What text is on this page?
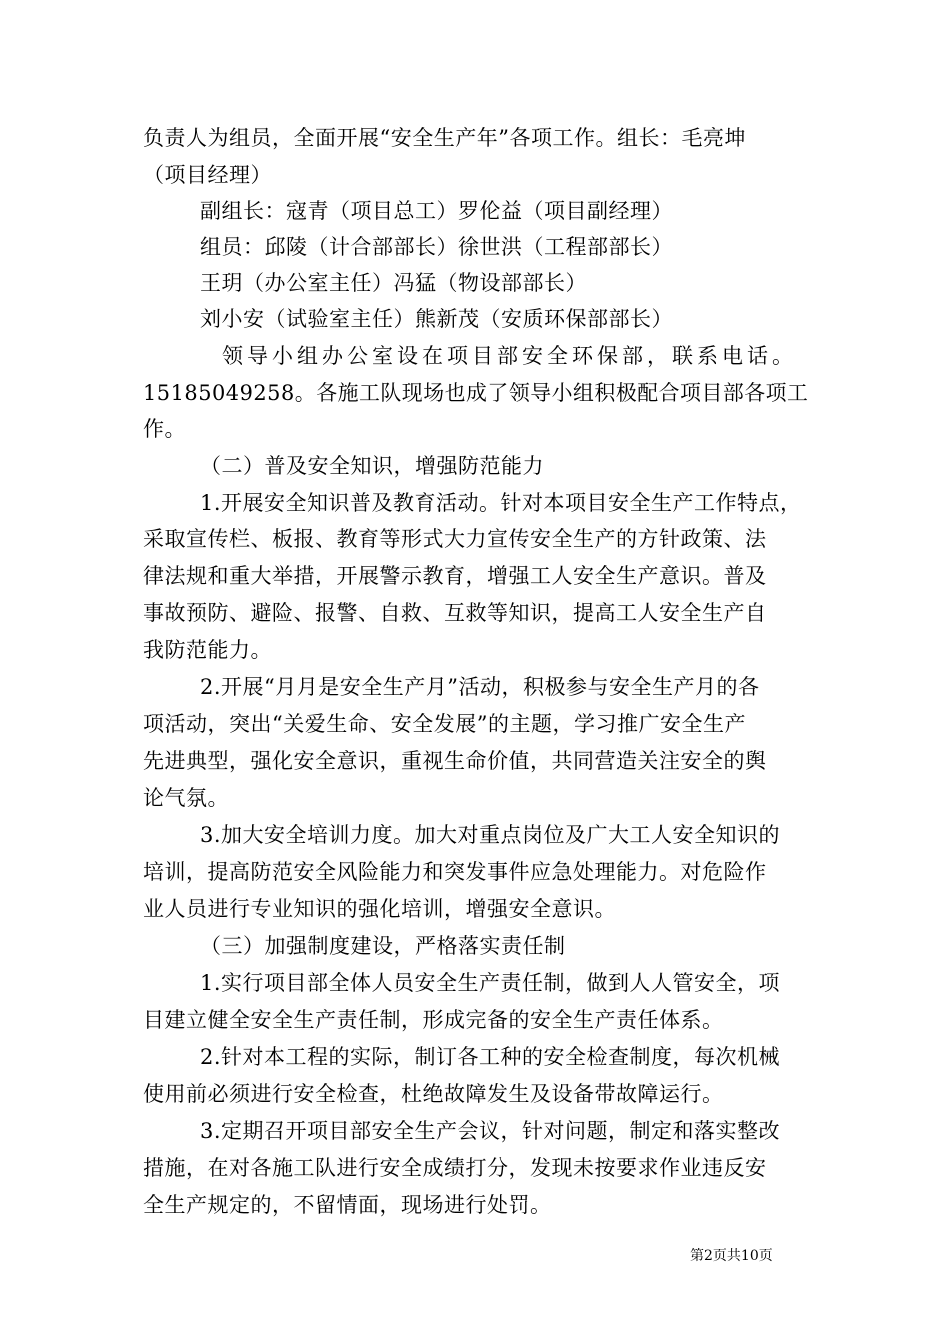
负责人为组员，全面开展“安全生产年”各项工作。组长：毛亮坤
（项目经理）
副组长：寇青（项目总工）罗伦益（项目副经理）
组员：邱陵（计合部部长）徐世洪（工程部部长）
王玥（办公室主任）冯猛（物设部部长）
刘小安（试验室主任）熊新茂（安质环保部部长）
领导小组办公室设在项目部安全环保部，联系电话。
15185049258。各施工队现场也成了领导小组积极配合项目部各项工
作。
（二）普及安全知识，增强防范能力
1.开展安全知识普及教育活动。针对本项目安全生产工作特点，
采取宣传栏、板报、教育等形式大力宣传安全生产的方针政策、法
律法规和重大举措，开展警示教育，增强工人安全生产意识。普及
事故预防、避险、报警、自救、互救等知识，提高工人安全生产自
我防范能力。
2.开展“月月是安全生产月”活动，积极参与安全生产月的各
项活动，突出“关爱生命、安全发展”的主题，学习推广安全生产
先进典型，强化安全意识，重视生命价值，共同营造关注安全的舆
论气氛。
3.加大安全培训力度。加大对重点岗位及广大工人安全知识的
培训，提高防范安全风险能力和突发事件应急处理能力。对危险作
业人员进行专业知识的强化培训，增强安全意识。
（三）加强制度建设，严格落实责任制
1.实行项目部全体人员安全生产责任制，做到人人管安全，项
目建立健全安全生产责任制，形成完备的安全生产责任体系。
2.针对本工程的实际，制订各工种的安全检查制度，每次机械
使用前必须进行安全检查，杜绝故障发生及设备带故障运行。
3.定期召开项目部安全生产会议，针对问题，制定和落实整改
措施，在对各施工队进行安全成绩打分，发现未按要求作业违反安
全生产规定的，不留情面，现场进行处罚。
第2页共10页
